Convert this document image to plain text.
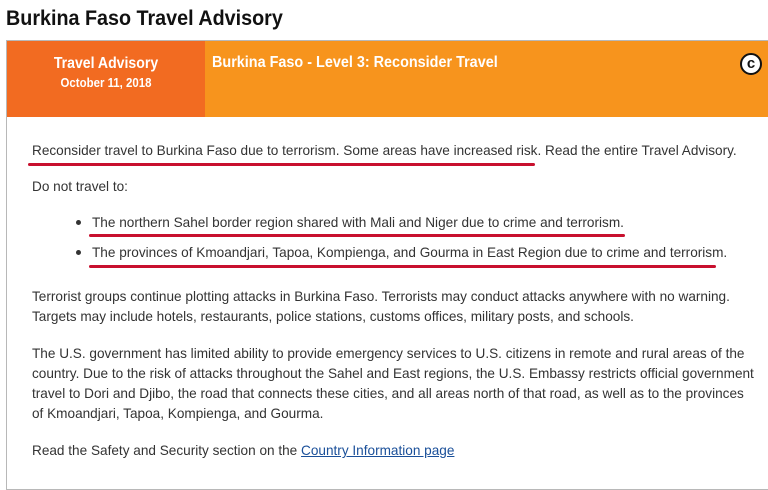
Burkina Faso Travel Advisory
Travel Advisory
October 11, 2018
Burkina Faso - Level 3: Reconsider Travel	c
Reconsider travel to Burkina Faso due to terrorism. Some areas have increased risk. Read the entire Travel Advisory.
Do not travel to:
The northern Sahel border region shared with Mali and Niger due to crime and terrorism.
The provinces of Kmoandjari, Tapoa, Kompienga, and Gourma in East Region due to crime and terrorism.
Terrorist groups continue plotting attacks in Burkina Faso. Terrorists may conduct attacks anywhere with no warning.
Targets may include hotels, restaurants, police stations, customs offices, military posts, and schools.
The U.S. government has limited ability to provide emergency services to U.S. citizens in remote and rural areas of the
country. Due to the risk of attacks throughout the Sahel and East regions, the U.S. Embassy restricts official government
travel to Dori and Djibo, the road that connects these cities, and all areas north of that road, as well as to the provinces
of Kmoandjari, Tapoa, Kompienga, and Gourma.
Read the Safety and Security section on the Country Information page
